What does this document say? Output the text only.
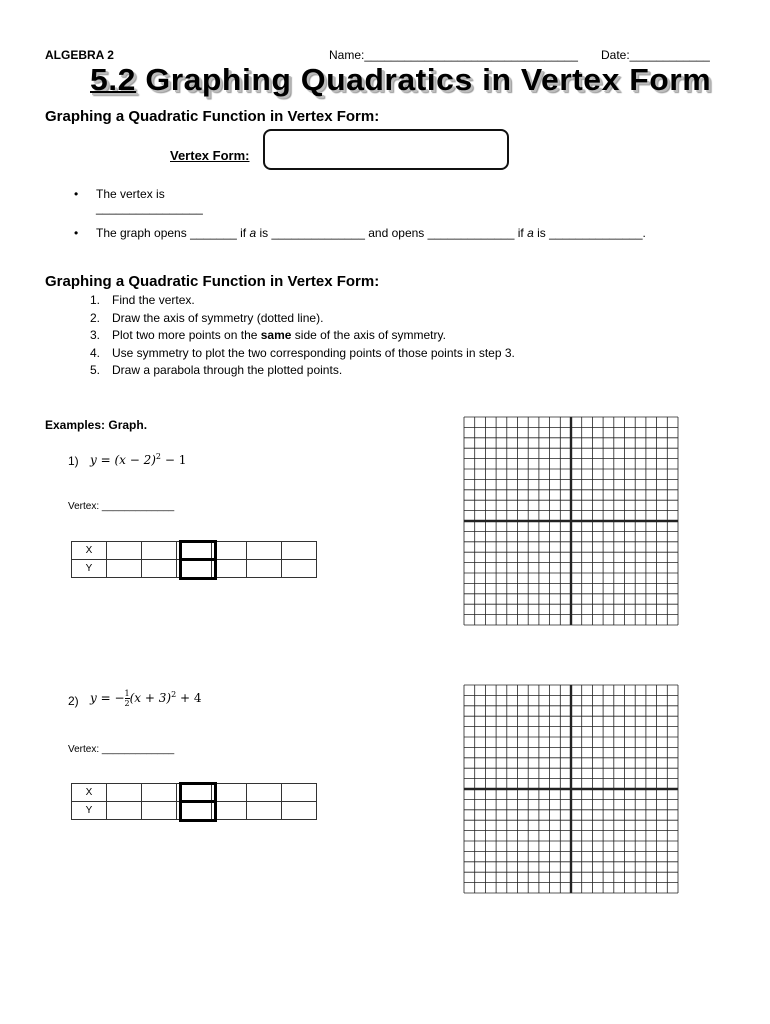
ALGEBRA 2	Name:________________________________ Date:____________
5.2 Graphing Quadratics in Vertex Form
Graphing a Quadratic Function in Vertex Form:
Vertex Form:
• The vertex is ________________
• The graph opens _______ if a is ______________ and opens _____________ if a is ______________.
Graphing a Quadratic Function in Vertex Form:
1. Find the vertex.
2. Draw the axis of symmetry (dotted line).
3. Plot two more points on the same side of the axis of symmetry.
4. Use symmetry to plot the two corresponding points of those points in step 3.
5. Draw a parabola through the plotted points.
Examples: Graph.
1) $y = (x - 2)^2 - 1$
Vertex: _____________
X						
Y						
2) y = − $\frac{1}{2} (x + 3)^2 + 4$
Vertex: _____________
X						
Y						
